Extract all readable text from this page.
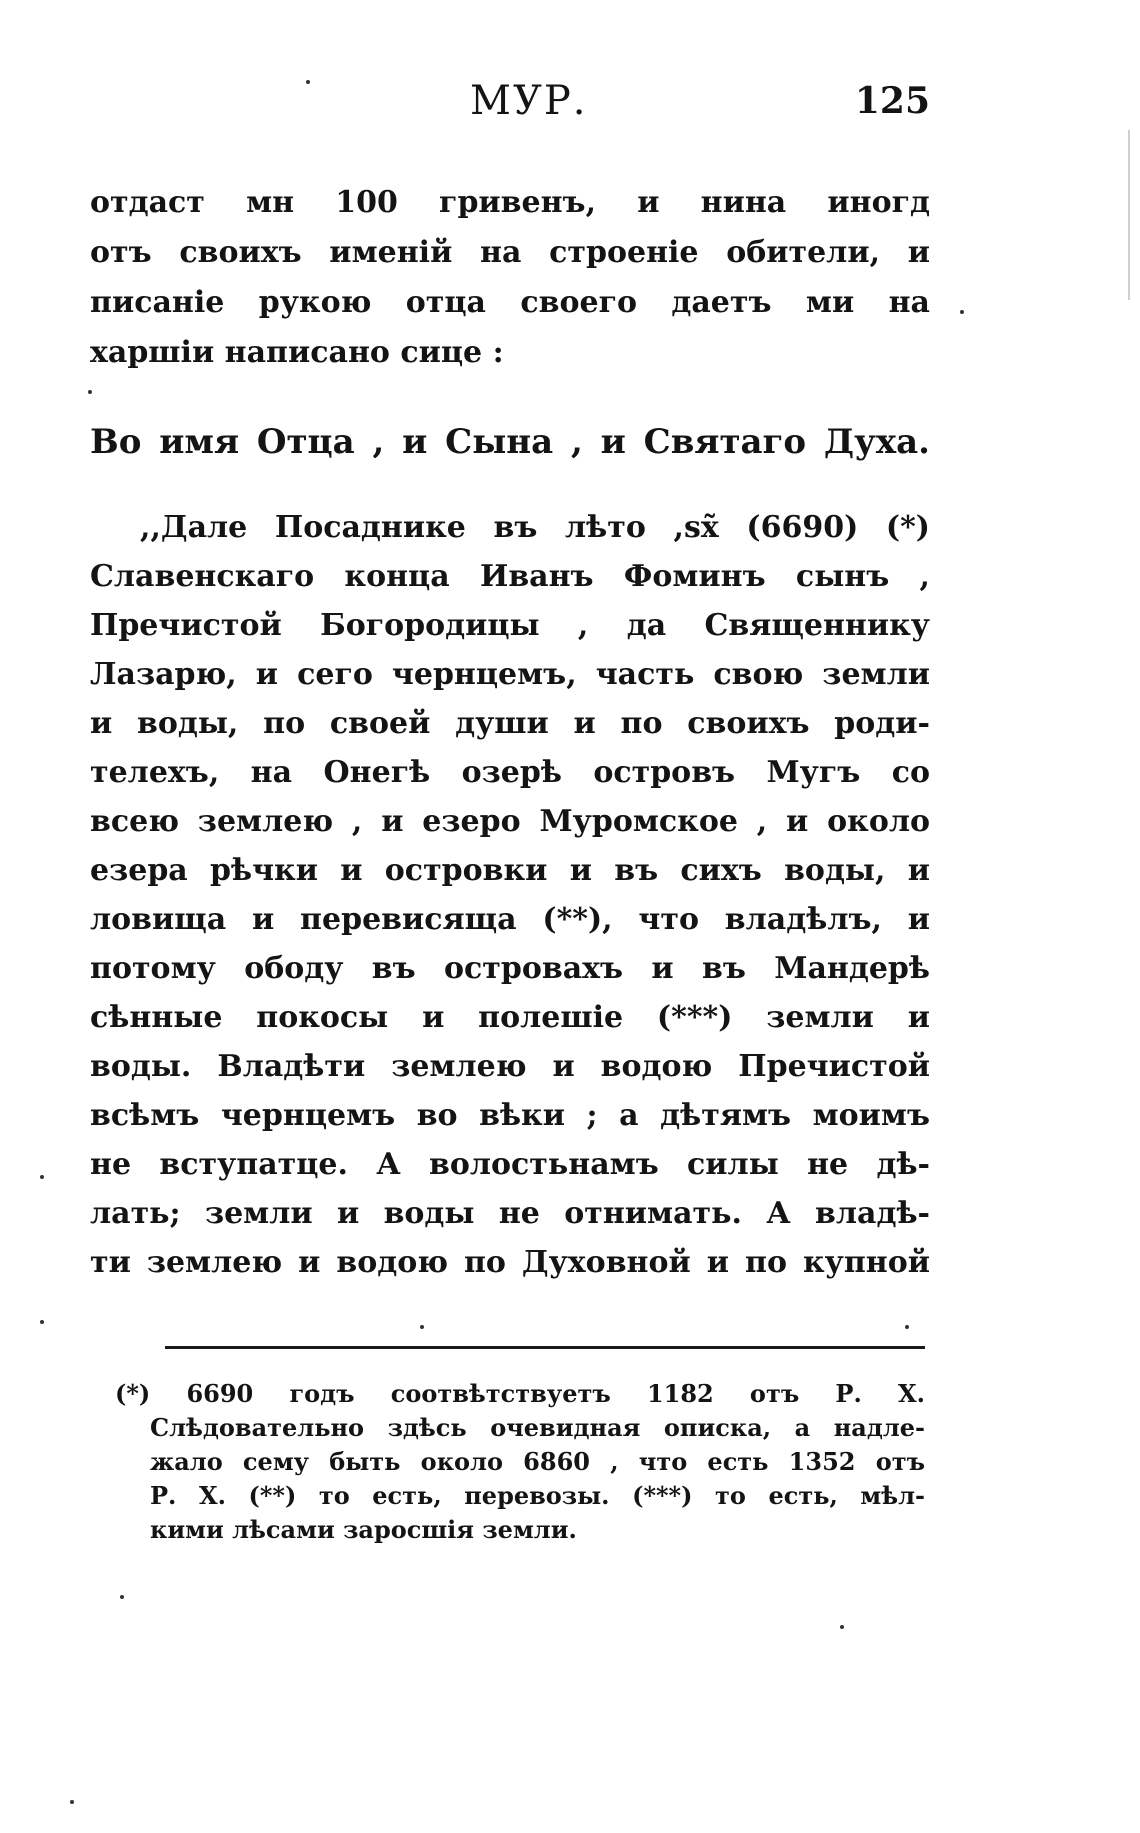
МУР.	125
отдаст мн 100 гривенъ, и нина иногд
отъ своихъ именій на строеніе обители, и
писаніе рукою отца своего даетъ ми на
харшіи написано сице :
Во имя Отца , и Сына , и Святаго Духа.
,,Дале Посаднике въ лѣто ,sx̃ (6690) (*)
Славенскаго конца Иванъ Фоминъ сынъ ,
Пречистой Богородицы , да Священнику
Лазарю, и сего чернцемъ, часть свою земли
и воды, по своей души и по своихъ роди-
телехъ, на Онегѣ озерѣ островъ Мугъ со
всею землею , и езеро Муромское , и около
езера рѣчки и островки и въ сихъ воды, и
ловища и перевисяща (**), что владѣлъ, и
потому ободу въ островахъ и въ Мандерѣ
сѣнные покосы и полешіе (***) земли и
воды. Владѣти землею и водою Пречистой
всѣмъ чернцемъ во вѣки ; а дѣтямъ моимъ
не вступатце. А волостьнамъ силы не дѣ-
лать; земли и воды не отнимать. А владѣ-
ти землею и водою по Духовной и по купной
(*) 6690 годъ соотвѣтствуетъ 1182 отъ Р. Х.
Слѣдовательно здѣсь очевидная описка, а надле-
жало сему быть около 6860 , что есть 1352 отъ
Р. Х. (**) то есть, перевозы. (***) то есть, мѣл-
кими лѣсами заросшія земли.
